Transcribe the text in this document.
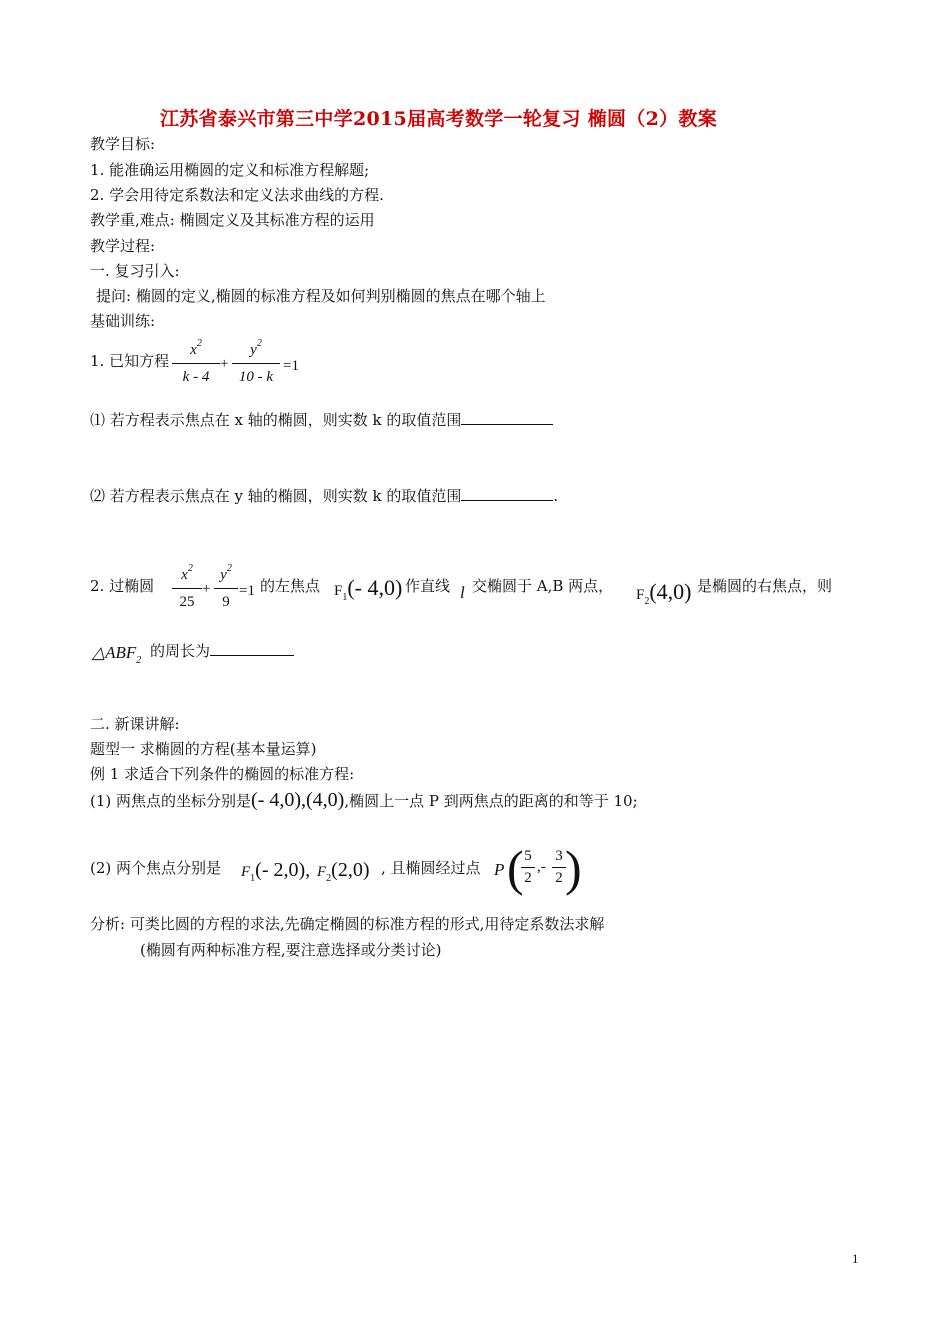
江苏省泰兴市第三中学2015届高考数学一轮复习 椭圆（2）教案
教学目标:
1. 能准确运用椭圆的定义和标准方程解题;
2. 学会用待定系数法和定义法求曲线的方程.
教学重,难点: 椭圆定义及其标准方程的运用
教学过程:
一. 复习引入:
提问: 椭圆的定义,椭圆的标准方程及如何判别椭圆的焦点在哪个轴上
基础训练:
1. 已知方程
$x^2$
k - 4
+
$y^2$
10 - k
=1
⑴ 若方程表示焦点在 x 轴的椭圆，则实数 k 的取值范围
⑵ 若方程表示焦点在 y 轴的椭圆，则实数 k 的取值范围	.
2. 过椭圆
$x^2$
25
+
$y^2$
9
=1 的左焦点 $F_1(-$ 4,0) 作直线 l 交椭圆于 A,B 两点， $F_2(4,0)$ 是椭圆的右焦点，则
$\triangle ABF_2$
的周长为
二. 新课讲解:
题型一 求椭圆的方程(基本量运算)
例 1 求适合下列条件的椭圆的标准方程:
(1) 两焦点的坐标分别是(- 4,0),(4,0),椭圆上一点 P 到两焦点的距离的和等于 10;
(2) 两个焦点分别是 $F_1(-$ 2,0), $F_2(2,0)$ , 且椭圆经过点 P ( 5
2
,-
3
2 )
分析: 可类比圆的方程的求法,先确定椭圆的标准方程的形式,用待定系数法求解
(椭圆有两种标准方程,要注意选择或分类讨论)
1
